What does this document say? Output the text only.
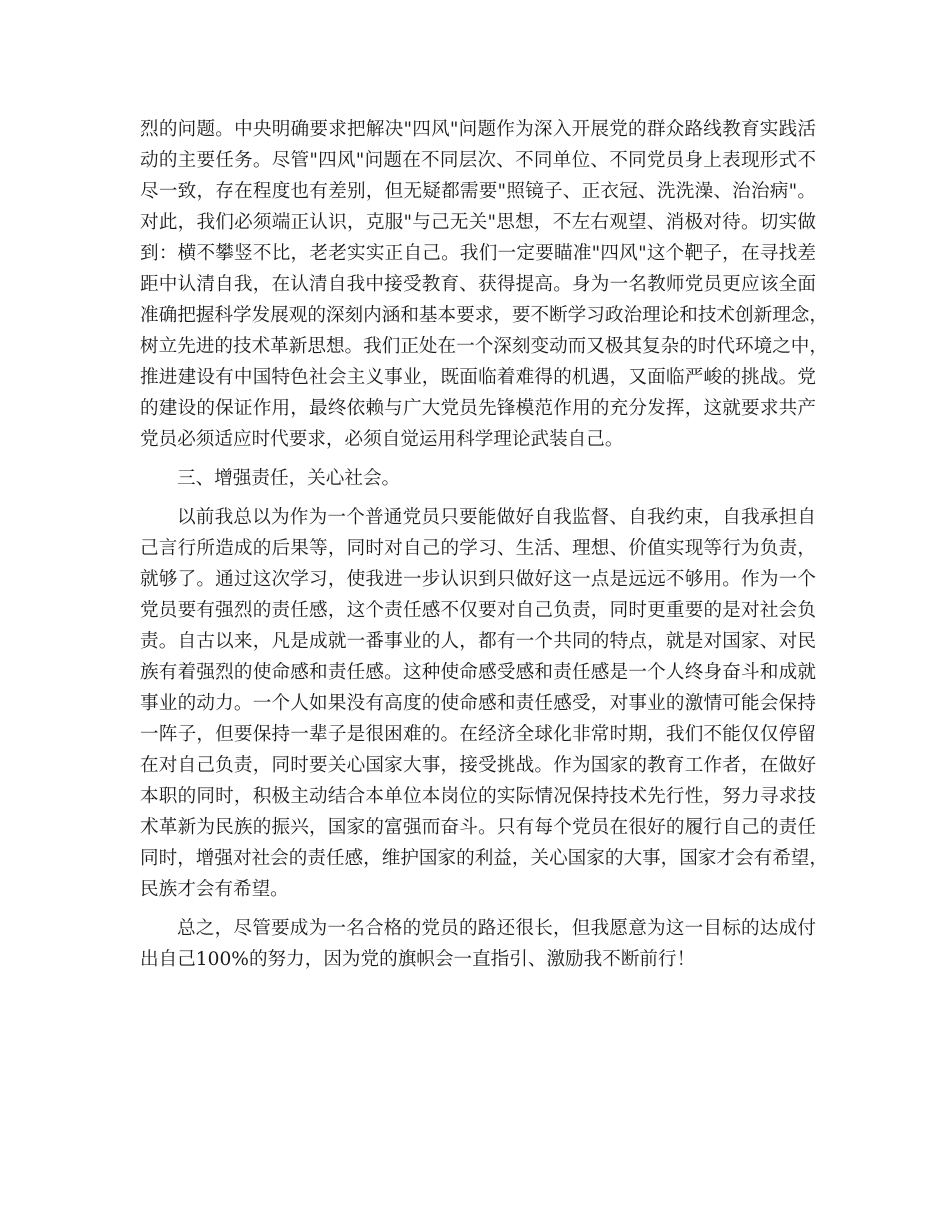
烈的问题。中央明确要求把解决"四风"问题作为深入开展党的群众路线教育实践活
动的主要任务。尽管"四风"问题在不同层次、不同单位、不同党员身上表现形式不
尽一致，存在程度也有差别，但无疑都需要"照镜子、正衣冠、洗洗澡、治治病"。
对此，我们必须端正认识，克服"与己无关"思想，不左右观望、消极对待。切实做
到：横不攀竖不比，老老实实正自己。我们一定要瞄准"四风"这个靶子，在寻找差
距中认清自我，在认清自我中接受教育、获得提高。身为一名教师党员更应该全面
准确把握科学发展观的深刻内涵和基本要求，要不断学习政治理论和技术创新理念，
树立先进的技术革新思想。我们正处在一个深刻变动而又极其复杂的时代环境之中，
推进建设有中国特色社会主义事业，既面临着难得的机遇，又面临严峻的挑战。党
的建设的保证作用，最终依赖与广大党员先锋模范作用的充分发挥，这就要求共产
党员必须适应时代要求，必须自觉运用科学理论武装自己。
三、增强责任，关心社会。
以前我总以为作为一个普通党员只要能做好自我监督、自我约束，自我承担自
己言行所造成的后果等，同时对自己的学习、生活、理想、价值实现等行为负责，
就够了。通过这次学习，使我进一步认识到只做好这一点是远远不够用。作为一个
党员要有强烈的责任感，这个责任感不仅要对自己负责，同时更重要的是对社会负
责。自古以来，凡是成就一番事业的人，都有一个共同的特点，就是对国家、对民
族有着强烈的使命感和责任感。这种使命感受感和责任感是一个人终身奋斗和成就
事业的动力。一个人如果没有高度的使命感和责任感受，对事业的激情可能会保持
一阵子，但要保持一辈子是很困难的。在经济全球化非常时期，我们不能仅仅停留
在对自己负责，同时要关心国家大事，接受挑战。作为国家的教育工作者，在做好
本职的同时，积极主动结合本单位本岗位的实际情况保持技术先行性，努力寻求技
术革新为民族的振兴，国家的富强而奋斗。只有每个党员在很好的履行自己的责任
同时，增强对社会的责任感，维护国家的利益，关心国家的大事，国家才会有希望，
民族才会有希望。
总之，尽管要成为一名合格的党员的路还很长，但我愿意为这一目标的达成付
出自己100%的努力，因为党的旗帜会一直指引、激励我不断前行！
